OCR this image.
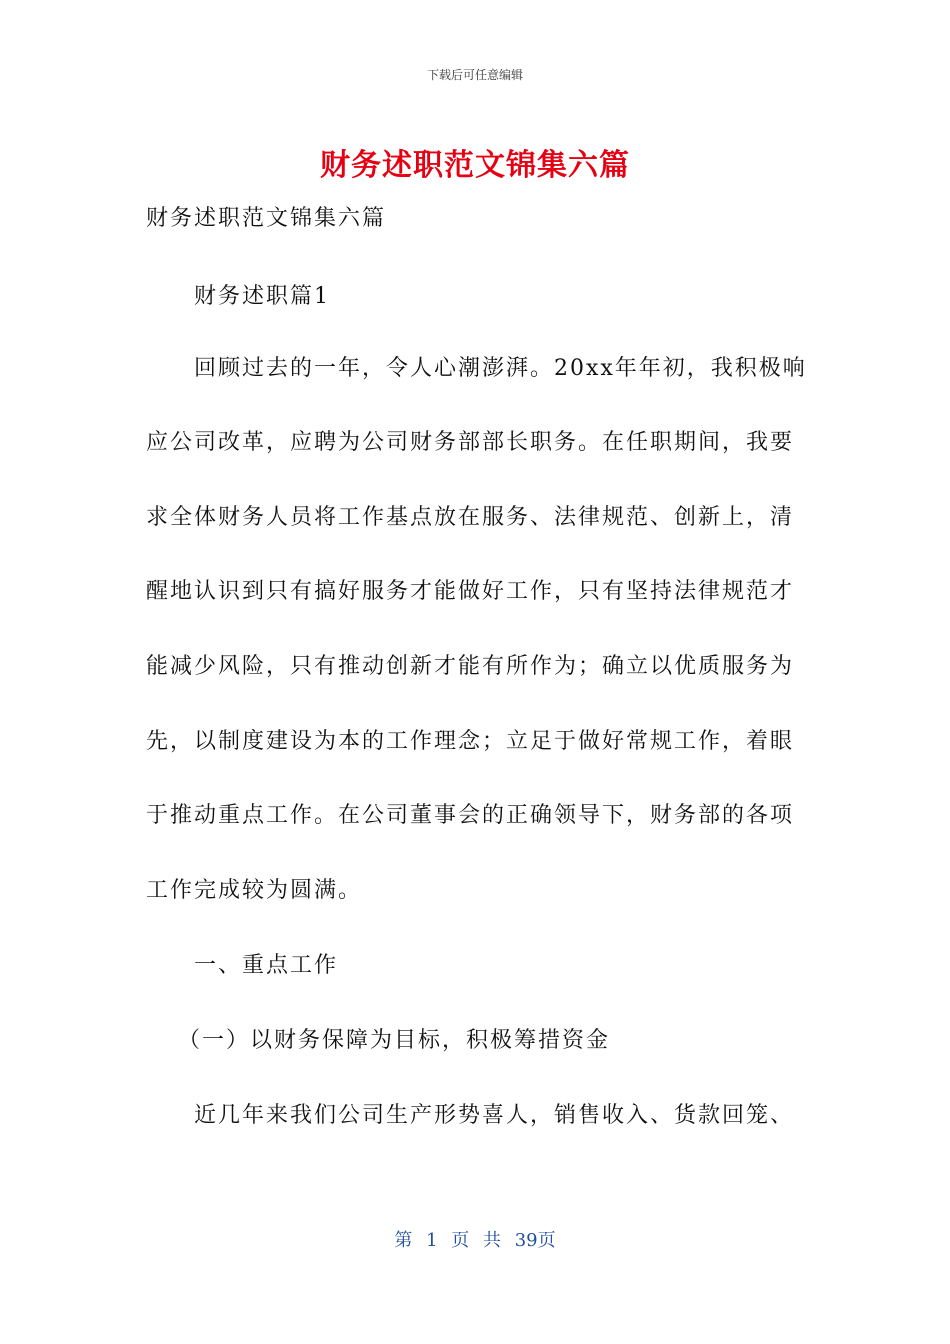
下载后可任意编辑
财务述职范文锦集六篇
财务述职范文锦集六篇
财务述职篇1
回顾过去的一年，令人心潮澎湃。20xx年年初，我积极响
应公司改革，应聘为公司财务部部长职务。在任职期间，我要
求全体财务人员将工作基点放在服务、法律规范、创新上，清
醒地认识到只有搞好服务才能做好工作，只有坚持法律规范才
能减少风险，只有推动创新才能有所作为；确立以优质服务为
先，以制度建设为本的工作理念；立足于做好常规工作，着眼
于推动重点工作。在公司董事会的正确领导下，财务部的各项
工作完成较为圆满。
一、重点工作
（一）以财务保障为目标，积极筹措资金
近几年来我们公司生产形势喜人，销售收入、货款回笼、
第 1 页 共 39页
